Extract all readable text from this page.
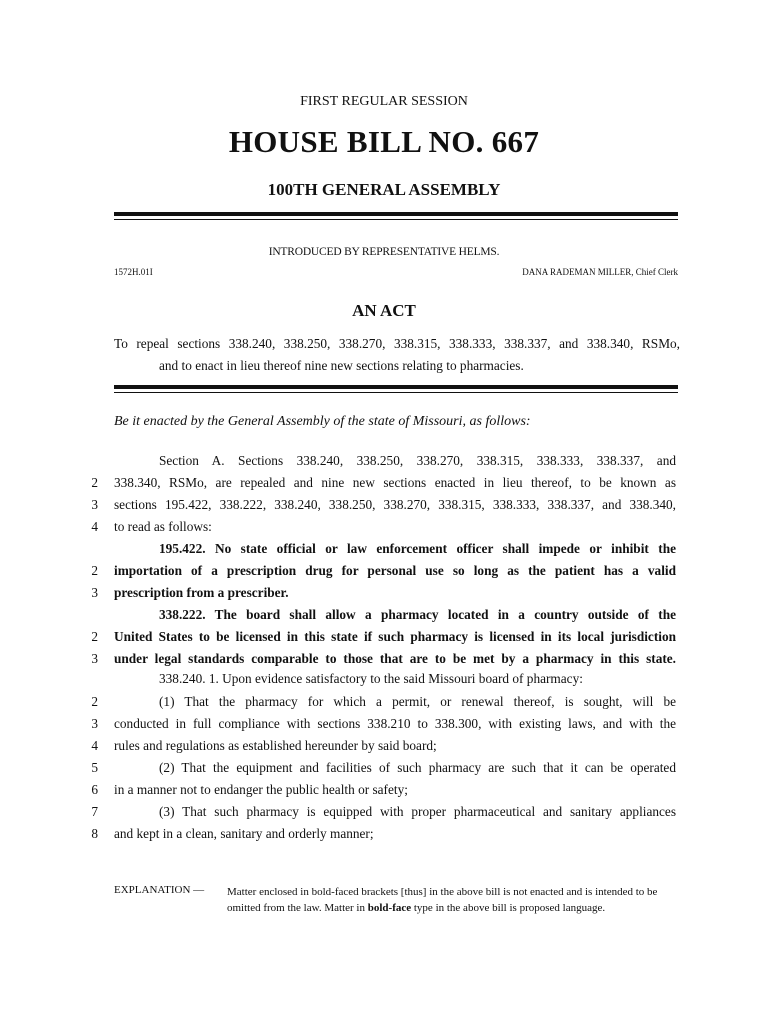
FIRST REGULAR SESSION
HOUSE BILL NO. 667
100TH GENERAL ASSEMBLY
INTRODUCED BY REPRESENTATIVE HELMS.
1572H.01I	DANA RADEMAN MILLER, Chief Clerk
AN ACT
To repeal sections 338.240, 338.250, 338.270, 338.315, 338.333, 338.337, and 338.340, RSMo,
and to enact in lieu thereof nine new sections relating to pharmacies.
Be it enacted by the General Assembly of the state of Missouri, as follows:
Section A. Sections 338.240, 338.250, 338.270, 338.315, 338.333, 338.337, and
338.340, RSMo, are repealed and nine new sections enacted in lieu thereof, to be known as
sections 195.422, 338.222, 338.240, 338.250, 338.270, 338.315, 338.333, 338.337, and 338.340,
to read as follows:
195.422. No state official or law enforcement officer shall impede or inhibit the
importation of a prescription drug for personal use so long as the patient has a valid
prescription from a prescriber.
338.222. The board shall allow a pharmacy located in a country outside of the
United States to be licensed in this state if such pharmacy is licensed in its local jurisdiction
under legal standards comparable to those that are to be met by a pharmacy in this state.
338.240. 1. Upon evidence satisfactory to the said Missouri board of pharmacy:
(1) That the pharmacy for which a permit, or renewal thereof, is sought, will be
conducted in full compliance with sections 338.210 to 338.300, with existing laws, and with the
rules and regulations as established hereunder by said board;
(2) That the equipment and facilities of such pharmacy are such that it can be operated
in a manner not to endanger the public health or safety;
(3) That such pharmacy is equipped with proper pharmaceutical and sanitary appliances
and kept in a clean, sanitary and orderly manner;
2
3
4
2
3
2
3
2
3
4
5
6
7
8
EXPLANATION — Matter enclosed in bold-faced brackets [thus] in the above bill is not enacted and is intended to be omitted from the law. Matter in bold-face type in the above bill is proposed language.
